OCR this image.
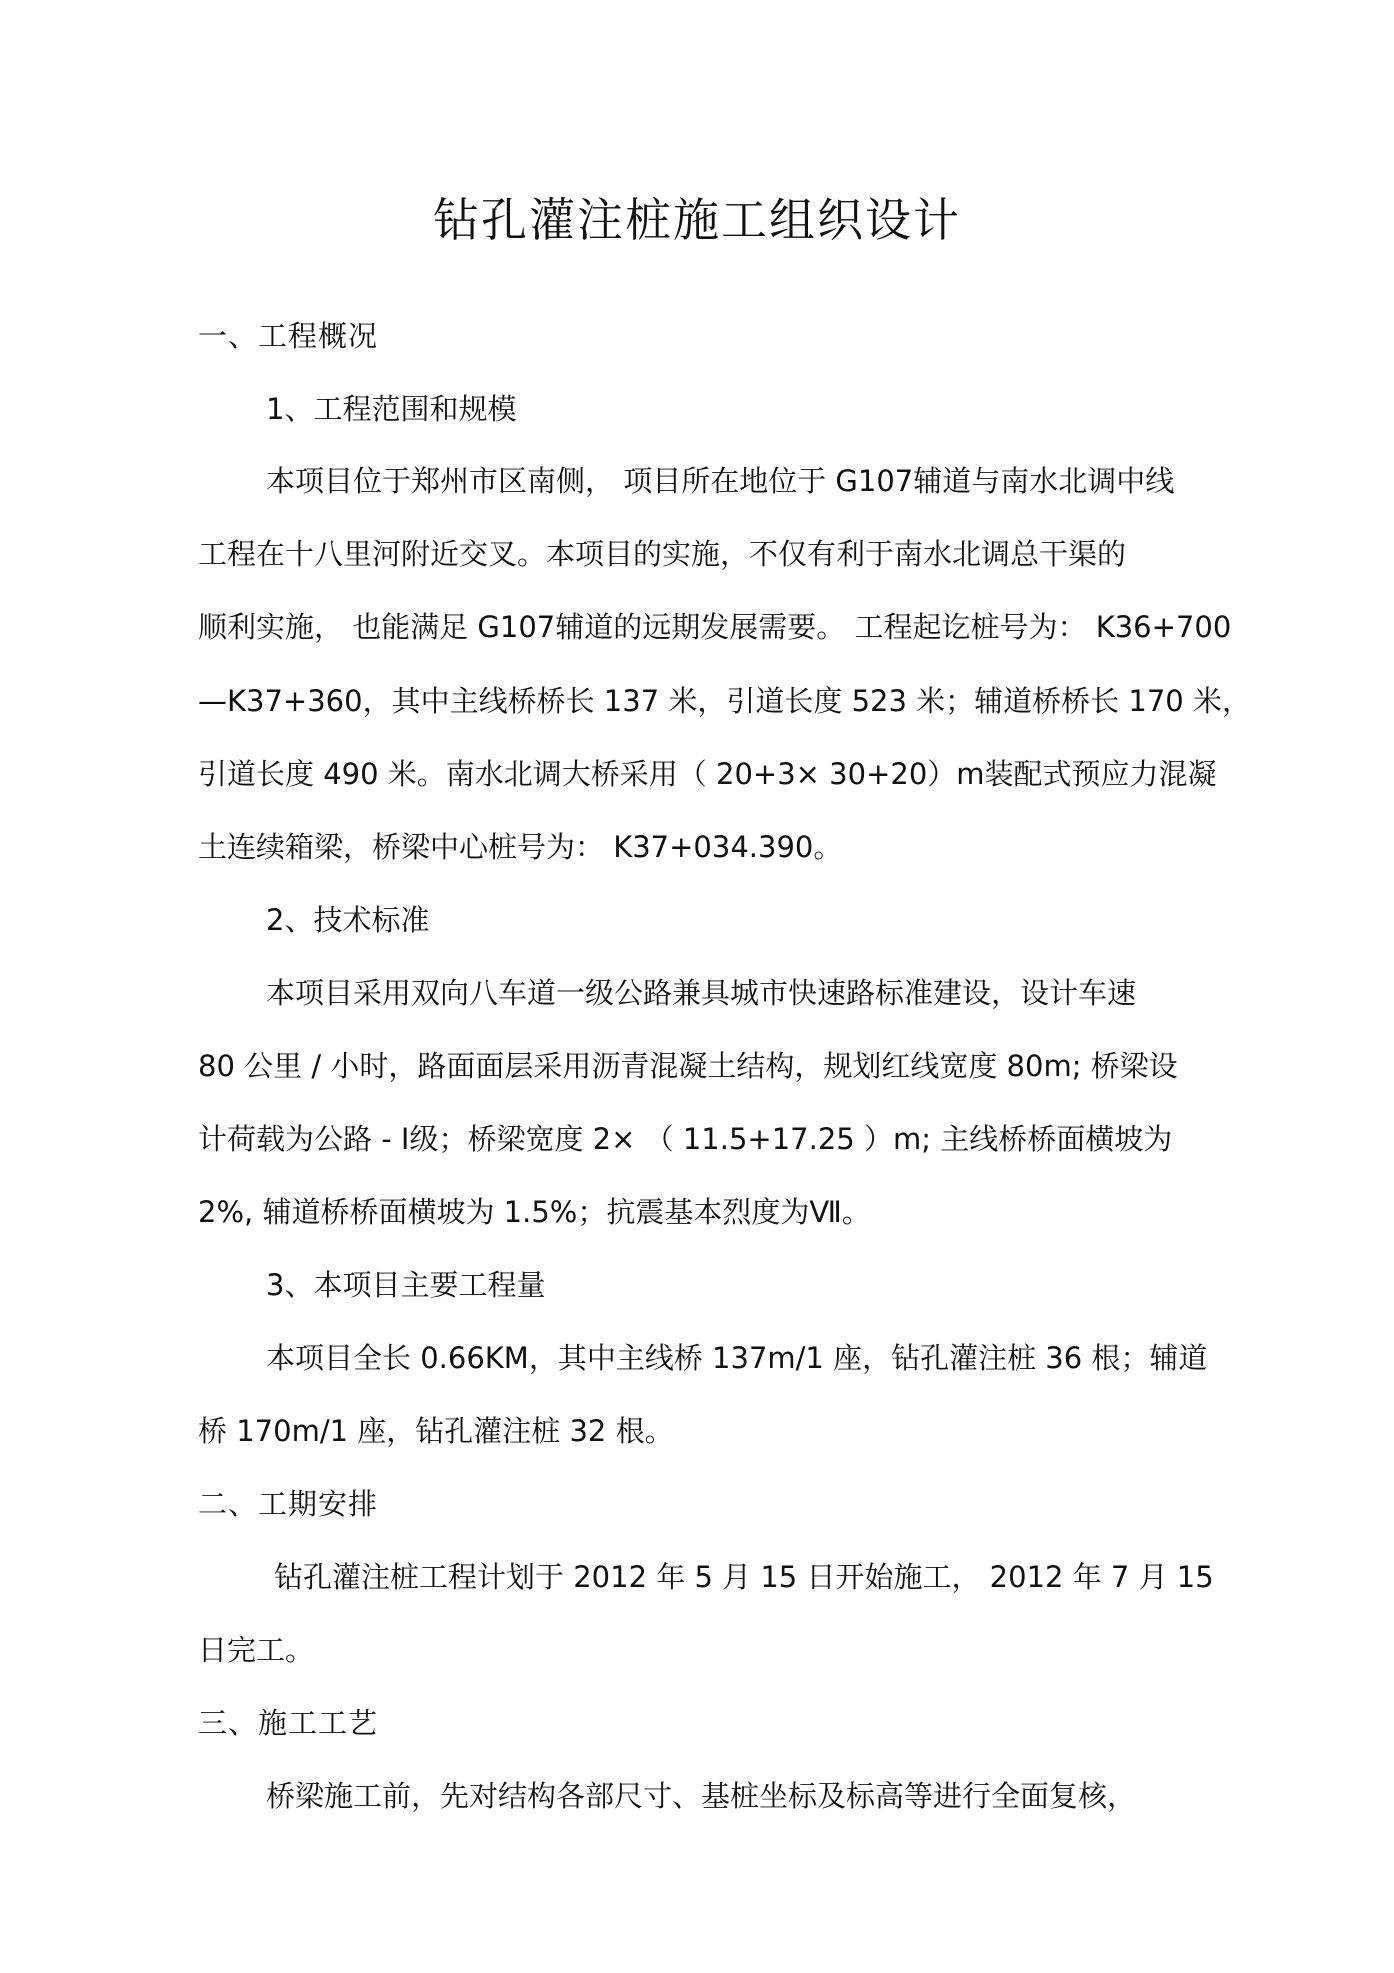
钻孔灌注桩施工组织设计
一、工程概况
1、工程范围和规模
本项目位于郑州市区南侧， 项目所在地位于 G107辅道与南水北调中线
工程在十八里河附近交叉。本项目的实施，不仅有利于南水北调总干渠的
顺利实施， 也能满足 G107辅道的远期发展需要。 工程起讫桩号为： K36+700
—K37+360，其中主线桥桥长 137 米，引道长度 523 米；辅道桥桥长 170 米，
引道长度 490 米。南水北调大桥采用（ 20+3× 30+20）m装配式预应力混凝
土连续箱梁，桥梁中心桩号为： K37+034.390。
2、技术标准
本项目采用双向八车道一级公路兼具城市快速路标准建设，设计车速
80 公里 / 小时，路面面层采用沥青混凝土结构，规划红线宽度 80m; 桥梁设
计荷载为公路 - Ⅰ级；桥梁宽度 2× （ 11.5+17.25 ）m; 主线桥桥面横坡为
2%, 辅道桥桥面横坡为 1.5%；抗震基本烈度为Ⅶ。
3、本项目主要工程量
本项目全长 0.66KM，其中主线桥 137m/1 座，钻孔灌注桩 36 根；辅道
桥 170m/1 座，钻孔灌注桩 32 根。
二、工期安排
钻孔灌注桩工程计划于 2012 年 5 月 15 日开始施工， 2012 年 7 月 15
日完工。
三、施工工艺
桥梁施工前，先对结构各部尺寸、基桩坐标及标高等进行全面复核，
